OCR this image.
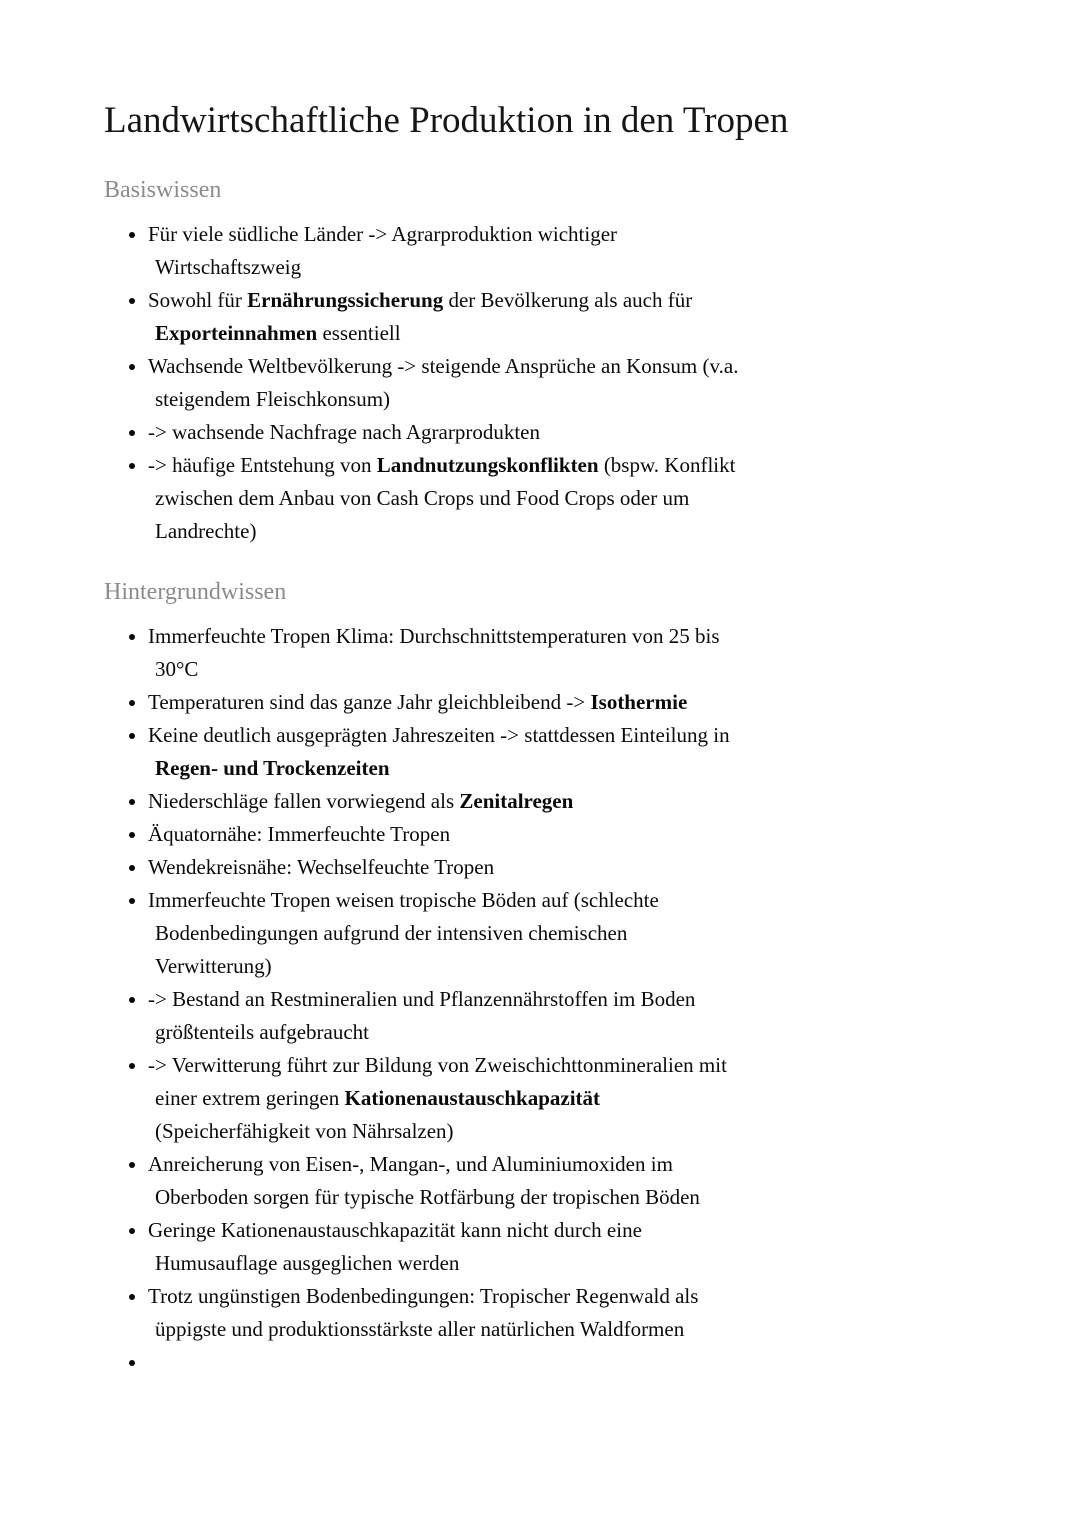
Landwirtschaftliche Produktion in den Tropen
Basiswissen
• Für viele südliche Länder -> Agrarproduktion wichtiger Wirtschaftszweig
• Sowohl für Ernährungssicherung der Bevölkerung als auch für Exporteinnahmen essentiell
• Wachsende Weltbevölkerung -> steigende Ansprüche an Konsum (v.a. steigendem Fleischkonsum)
• -> wachsende Nachfrage nach Agrarprodukten
• -> häufige Entstehung von Landnutzungskonflikten (bspw. Konflikt zwischen dem Anbau von Cash Crops und Food Crops oder um Landrechte)
Hintergrundwissen
• Immerfeuchte Tropen Klima: Durchschnittstemperaturen von 25 bis 30°C
• Temperaturen sind das ganze Jahr gleichbleibend -> Isothermie
• Keine deutlich ausgeprägten Jahreszeiten -> stattdessen Einteilung in Regen- und Trockenzeiten
• Niederschläge fallen vorwiegend als Zenitalregen
• Äquatornähe: Immerfeuchte Tropen
• Wendekreisnähe: Wechselfeuchte Tropen
• Immerfeuchte Tropen weisen tropische Böden auf (schlechte Bodenbedingungen aufgrund der intensiven chemischen Verwitterung)
• -> Bestand an Restmineralien und Pflanzennährstoffen im Boden größtenteils aufgebraucht
• -> Verwitterung führt zur Bildung von Zweischichttonmineralien mit einer extrem geringen Kationenaustauschkapazität (Speicherfähigkeit von Nährsalzen)
• Anreicherung von Eisen-, Mangan-, und Aluminiumoxiden im Oberboden sorgen für typische Rotfärbung der tropischen Böden
• Geringe Kationenaustauschkapazität kann nicht durch eine Humusauflage ausgeglichen werden
• Trotz ungünstigen Bodenbedingungen: Tropischer Regenwald als üppigste und produktionsstärkste aller natürlichen Waldformen
•
